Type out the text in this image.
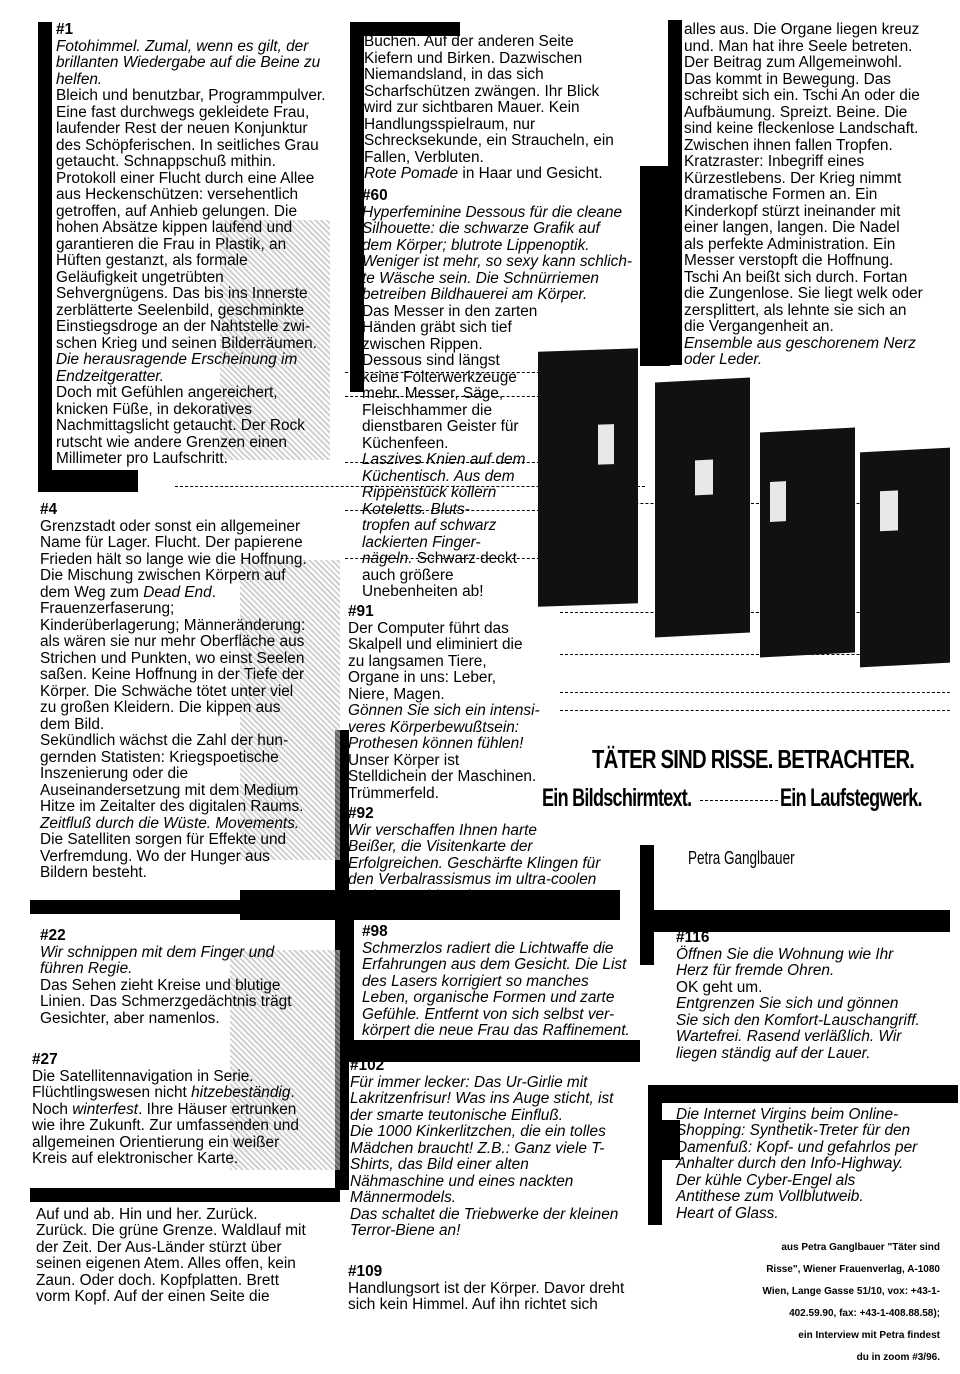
#1

Fotohimmel. Zumal, wenn es gilt, der

brillanten Wiedergabe auf die Beine zu

helfen.

Bleich und benutzbar, Programmpulver.

Eine fast durchwegs gekleidete Frau,

laufender Rest der neuen Konjunktur

des Schöpferischen. In seitliches Grau

getaucht. Schnappschuß mithin.

Protokoll einer Flucht durch eine Allee

aus Heckenschützen: versehentlich

getroffen, auf Anhieb gelungen. Die

hohen Absätze kippen laufend und

garantieren die Frau in Plastik, an

Hüften gestanzt, als formale

Geläufigkeit ungetrübten

Sehvergnügens. Das bis ins Innerste

zerblätterte Seelenbild, geschminkte

Einstiegsdroge an der Nahtstelle zwi-

schen Krieg und seinen Bilderräumen.

Die herausragende Erscheinung im

Endzeitgeratter.

Doch mit Gefühlen angereichert,

knicken Füße, in dekoratives

Nachmittagslicht getaucht. Der Rock

rutscht wie andere Grenzen einen

Millimeter pro Laufschritt.

#4

Grenzstadt oder sonst ein allgemeiner

Name für Lager. Flucht. Der papierene

Frieden hält so lange wie die Hoffnung.

Die Mischung zwischen Körpern auf

dem Weg zum Dead End.

Frauenzerfaserung;

Kinderüberlagerung; Männeränderung:

als wären sie nur mehr Oberfläche aus

Strichen und Punkten, wo einst Seelen

saßen. Keine Hoffnung in der Tiefe der

Körper. Die Schwäche tötet unter viel

zu großen Kleidern. Die kippen aus

dem Bild.

Sekündlich wächst die Zahl der hun-

gernden Statisten: Kriegspoetische

Inszenierung oder die

Auseinandersetzung mit dem Medium

Hitze im Zeitalter des digitalen Raums.

Zeitfluß durch die Wüste. Movements.

Die Satelliten sorgen für Effekte und

Verfremdung. Wo der Hunger aus

Bildern besteht.

#22

Wir schnippen mit dem Finger und

führen Regie.

Das Sehen zieht Kreise und blutige

Linien. Das Schmerzgedächtnis trägt

Gesichter, aber namenlos.

#27

Die Satellitennavigation in Serie.

Flüchtlingswesen nicht hitzebeständig.

Noch winterfest. Ihre Häuser ertrunken

wie ihre Zukunft. Zur umfassenden und

allgemeinen Orientierung ein weißer

Kreis auf elektronischer Karte.

#56

Auf und ab. Hin und her. Zurück.

Zurück. Die grüne Grenze. Waldlauf mit

der Zeit. Der Aus-Länder stürzt über

seinen eigenen Atem. Alles offen, kein

Zaun. Oder doch. Kopfplatten. Brett

vorm Kopf. Auf der einen Seite die

Buchen. Auf der anderen Seite

Kiefern und Birken. Dazwischen

Niemandsland, in das sich

Scharfschützen zwängen. Ihr Blick

wird zur sichtbaren Mauer. Kein

Handlungsspielraum, nur

Schrecksekunde, ein Straucheln, ein

Fallen, Verbluten.

Rote Pomade in Haar und Gesicht.

#60

Hyperfeminine Dessous für die cleane

Silhouette: die schwarze Grafik auf

dem Körper; blutrote Lippenoptik.

Weniger ist mehr, so sexy kann schlich-

te Wäsche sein. Die Schnürriemen

betreiben Bildhauerei am Körper.

Das Messer in den zarten

Händen gräbt sich tief

zwischen Rippen.

Dessous sind längst

keine Folterwerkzeuge

mehr. Messer, Säge,

Fleischhammer die

dienstbaren Geister für

Küchenfeen.

Laszives Knien auf dem

Küchentisch. Aus dem

Rippenstück kollern

Koteletts. Bluts-

tropfen auf schwarz

lackierten Finger-

nägeln. Schwarz deckt

auch größere

Unebenheiten ab!

#91

Der Computer führt das

Skalpell und eliminiert die

zu langsamen Tiere,

Organe in uns: Leber,

Niere, Magen.

Gönnen Sie sich ein intensi-

veres Körperbewußtsein:

Prothesen können fühlen!

Unser Körper ist

Stelldichein der Maschinen.

Trümmerfeld.

#92

Wir verschaffen Ihnen harte

Beißer, die Visitenkarte der

Erfolgreichen. Geschärfte Klingen für

den Verbalrassismus im ultra-coolen

Techno-Stahlgewitter.

#98

Schmerzlos radiert die Lichtwaffe die

Erfahrungen aus dem Gesicht. Die List

des Lasers korrigiert so manches

Leben, organische Formen und zarte

Gefühle. Entfernt von sich selbst ver-

körpert die neue Frau das Raffinement.

#102

Für immer lecker: Das Ur-Girlie mit

Lakritzenfrisur! Was ins Auge sticht, ist

der smarte teutonische Einfluß.

Die 1000 Kinkerlitzchen, die ein tolles

Mädchen braucht! Z.B.: Ganz viele T-

Shirts, das Bild einer alten

Nähmaschine und eines nackten

Männermodels.

Das schaltet die Triebwerke der kleinen

Terror-Biene an!

#109

Handlungsort ist der Körper. Davor dreht

sich kein Himmel. Auf ihn richtet sich

alles aus. Die Organe liegen kreuz

und. Man hat ihre Seele betreten.

Der Beitrag zum Allgemeinwohl.

Das kommt in Bewegung. Das

schreibt sich ein. Tschi An oder die

Aufbäumung. Spreizt. Beine. Die

sind keine fleckenlose Landschaft.

Zwischen ihnen fallen Tropfen.

Kratzraster: Inbegriff eines

Kürzestlebens. Der Krieg nimmt

dramatische Formen an. Ein

Kinderkopf stürzt ineinander mit

einer langen, langen. Die Nadel

als perfekte Administration. Ein

Messer verstopft die Hoffnung.

Tschi An beißt sich durch. Fortan

die Zungenlose. Sie liegt welk oder

zersplittert, als lehnte sie sich an

die Vergangenheit an.

Ensemble aus geschorenem Nerz

oder Leder.

TÄTER SIND RISSE. BETRACHTER.
Ein Bildschirmtext.	Ein Laufstegwerk.
Petra Ganglbauer

#116

Öffnen Sie die Wohnung wie Ihr

Herz für fremde Ohren.

OK geht um.

Entgrenzen Sie sich und gönnen

Sie sich den Komfort-Lauschangriff.

Wartefrei. Rasend verläßlich. Wir

liegen ständig auf der Lauer.

#118

Die Internet Virgins beim Online-

Shopping: Synthetik-Treter für den

Damenfuß: Kopf- und gefahrlos per

Anhalter durch den Info-Highway.

Der kühle Cyber-Engel als

Antithese zum Vollblutweib.

Heart of Glass.

aus Petra Ganglbauer "Täter sind

Risse", Wiener Frauenverlag, A-1080

Wien, Lange Gasse 51/10, vox: +43-1-

402.59.90, fax: +43-1-408.88.58);

ein Interview mit Petra findest

du in zoom #3/96.
